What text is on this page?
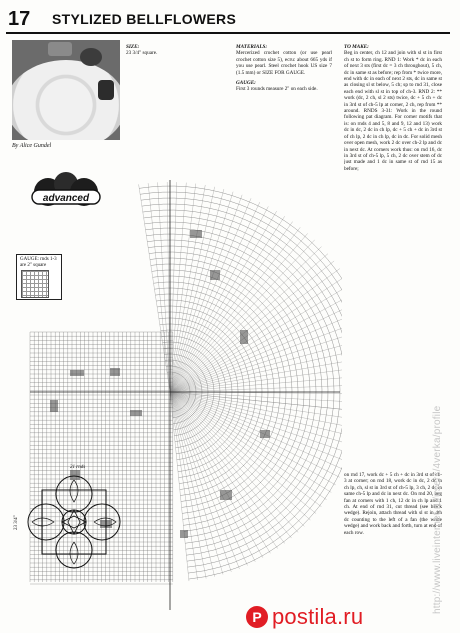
17	STYLIZED BELLFLOWERS
By Alice Gundel
advanced
GAUGE: rnds 1-3 are 2" square
SIZE:
23 3/4" square.
MATERIALS:
Mercerized crochet cotton (or use pearl crochet cotton size 5), ecru: about 665 yds if you use pearl. Steel crochet hook US size 7 (1.5 mm) or SIZE FOR GAUGE.
GAUGE:
First 3 rounds measure 2" on each side.
TO MAKE:

Beg in center, ch 12 and join with sl st in first ch st to form ring. RND 1: Work * dc in each of next 3 sts (first dc = 3 ch throughout), 5 ch, dc in same st as before; rep from * twice more, end with dc in each of next 2 sts, dc in same st as closing sl st below, 5 ch; sp to rnd 31, close each end with sl st in top of ch-3. RND 2: ** work (dc, 2 ch, sl 2 sts) twice, dc + 5 ch + dc in 3rd st of ch-5 lp at corner, 2 ch, rep from ** around. RNDS 3-31: Work in the round following pat diagram. For corner motifs that is: on rnds 4 and 5, 8 and 9, 12 and 13) work dc in dc, 2 dc in ch lp, dc + 5 ch + dc in 3rd st of ch lp, 2 dc in ch lp, dc in dc. For solid mesh over open mesh, work 2 dc over ch-2 lp and dc in next dc. At corners work thus: on rnd 16, dc in 3rd st of ch-5 lp, 5 ch, 2 dc over stem of dc just made and 1 dc in same st of rnd 15 as before;

on rnd 17, work dc + 5 ch + dc in 3rd st of ch-3 at corner; on rnd 18, work dc in dc, 2 dc in ch lp, ch, sl st in 3rd st of ch-5 lp, 3 ch, 2 dc in same ch-5 lp and dc in next dc. On rnd 20, beg fan at corners with 1 ch, 12 dc in ch lp and 1 ch. At end of rnd 31, cut thread (see black wedge). Rejoin, attach thread with sl st in 4th dc counting to the left of a fan (the white wedge) and work back and forth, turn at end of each row.

21 rnds
23 3/4"	http://www.liveinternet.ru/users/4verka/profile
P postila.ru
